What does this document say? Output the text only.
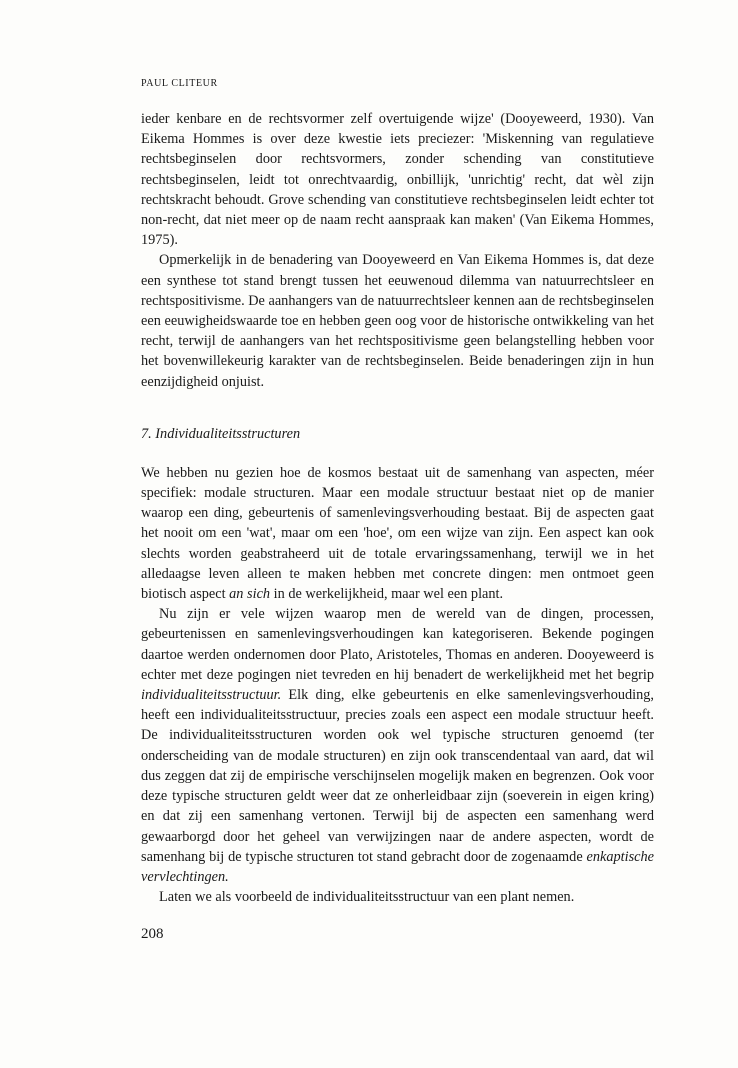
PAUL CLITEUR

ieder kenbare en de rechtsvormer zelf overtuigende wijze' (Dooyeweerd, 1930). Van Eikema Hommes is over deze kwestie iets preciezer: 'Miskenning van regulatieve rechtsbeginselen door rechtsvormers, zonder schending van constitutieve rechtsbeginselen, leidt tot onrechtvaardig, onbillijk, 'unrichtig' recht, dat wèl zijn rechtskracht behoudt. Grove schending van constitutieve rechtsbeginselen leidt echter tot non-recht, dat niet meer op de naam recht aanspraak kan maken' (Van Eikema Hommes, 1975).

Opmerkelijk in de benadering van Dooyeweerd en Van Eikema Hommes is, dat deze een synthese tot stand brengt tussen het eeuwenoud dilemma van natuurrechtsleer en rechtspositivisme. De aanhangers van de natuurrechtsleer kennen aan de rechtsbeginselen een eeuwigheidswaarde toe en hebben geen oog voor de historische ontwikkeling van het recht, terwijl de aanhangers van het rechtspositivisme geen belangstelling hebben voor het bovenwillekeurig karakter van de rechtsbeginselen. Beide benaderingen zijn in hun eenzijdigheid onjuist.

7. Individualiteitsstructuren

We hebben nu gezien hoe de kosmos bestaat uit de samenhang van aspecten, méer specifiek: modale structuren. Maar een modale structuur bestaat niet op de manier waarop een ding, gebeurtenis of samenlevingsverhouding bestaat. Bij de aspecten gaat het nooit om een 'wat', maar om een 'hoe', om een wijze van zijn. Een aspect kan ook slechts worden geabstraheerd uit de totale ervaringssamenhang, terwijl we in het alledaagse leven alleen te maken hebben met concrete dingen: men ontmoet geen biotisch aspect an sich in de werkelijkheid, maar wel een plant.

Nu zijn er vele wijzen waarop men de wereld van de dingen, processen, gebeurtenissen en samenlevingsverhoudingen kan kategoriseren. Bekende pogingen daartoe werden ondernomen door Plato, Aristoteles, Thomas en anderen. Dooyeweerd is echter met deze pogingen niet tevreden en hij benadert de werkelijkheid met het begrip individualiteitsstructuur. Elk ding, elke gebeurtenis en elke samenlevingsverhouding, heeft een individualiteitsstructuur, precies zoals een aspect een modale structuur heeft. De individualiteitsstructuren worden ook wel typische structuren genoemd (ter onderscheiding van de modale structuren) en zijn ook transcendentaal van aard, dat wil dus zeggen dat zij de empirische verschijnselen mogelijk maken en begrenzen. Ook voor deze typische structuren geldt weer dat ze onherleidbaar zijn (soeverein in eigen kring) en dat zij een samenhang vertonen. Terwijl bij de aspecten een samenhang werd gewaarborgd door het geheel van verwijzingen naar de andere aspecten, wordt de samenhang bij de typische structuren tot stand gebracht door de zogenaamde enkaptische vervlechtingen.

Laten we als voorbeeld de individualiteitsstructuur van een plant nemen.

208
